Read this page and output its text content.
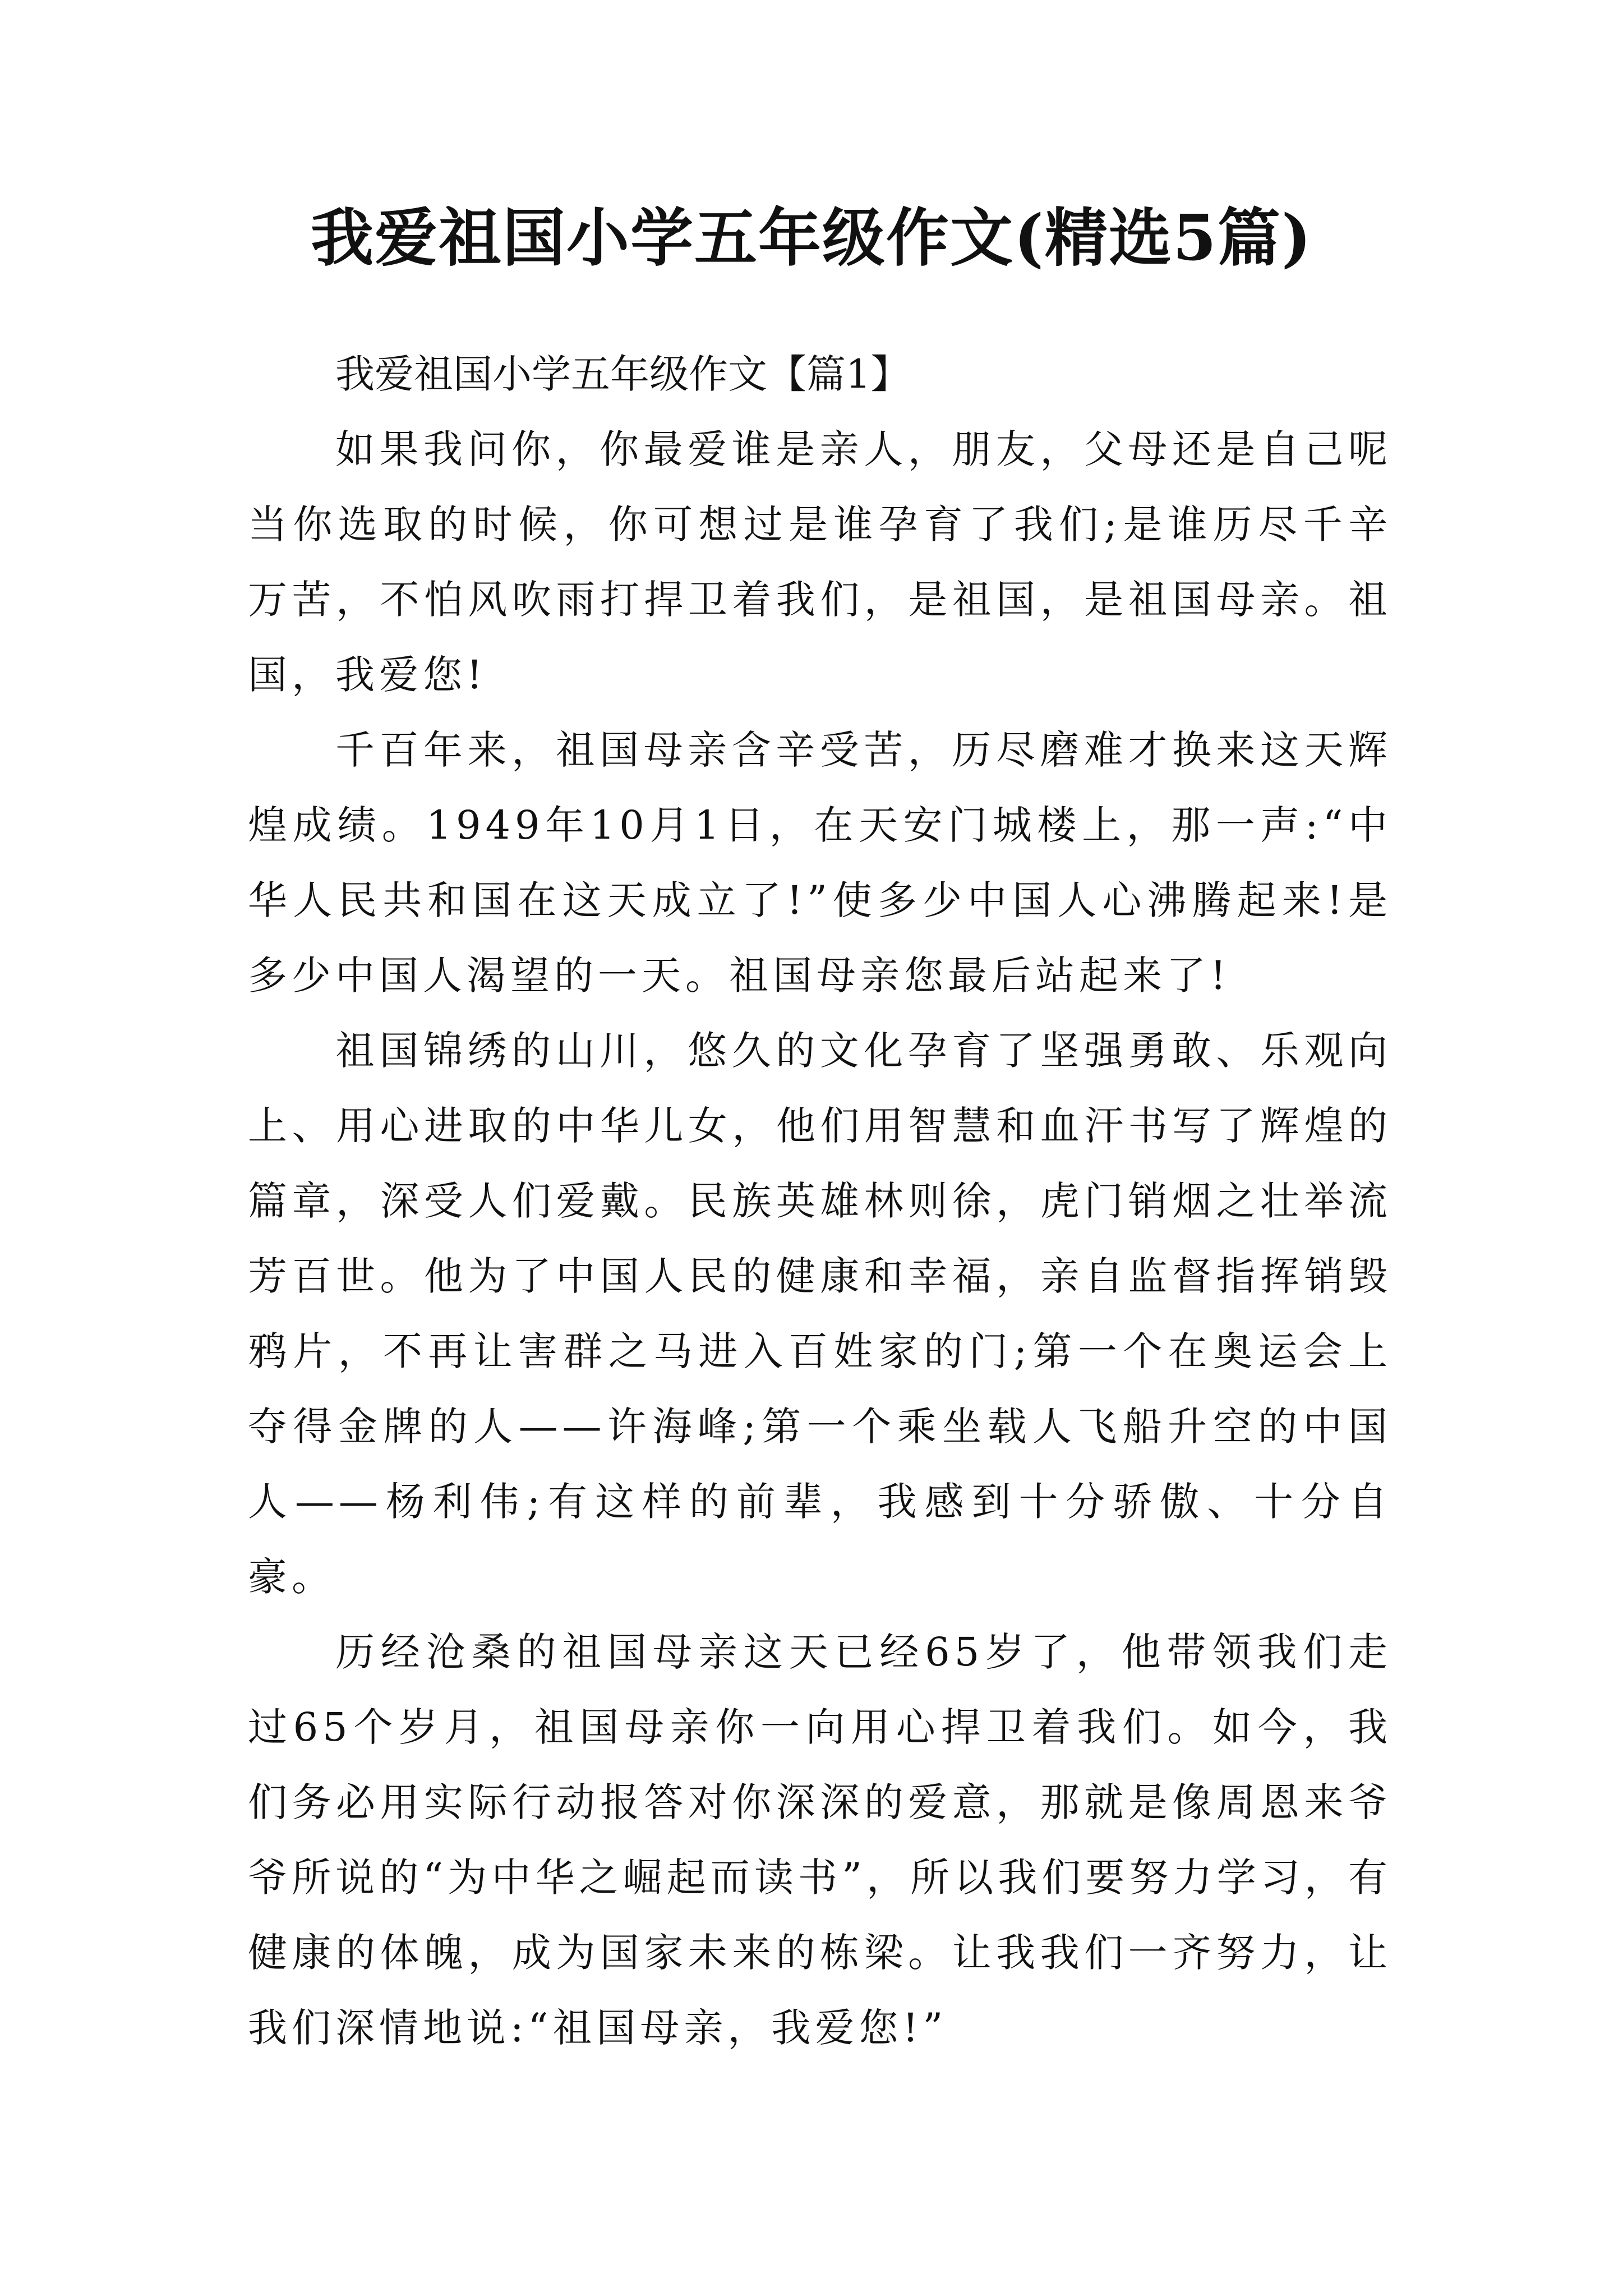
我爱祖国小学五年级作文(精选5篇)

我爱祖国小学五年级作文【篇1】

如果我问你，你最爱谁是亲人，朋友，父母还是自己呢当你选取的时候，你可想过是谁孕育了我们;是谁历尽千辛万苦，不怕风吹雨打捍卫着我们，是祖国，是祖国母亲。祖国，我爱您!

千百年来，祖国母亲含辛受苦，历尽磨难才换来这天辉煌成绩。1949年10月1日，在天安门城楼上，那一声:“中华人民共和国在这天成立了!”使多少中国人心沸腾起来!是多少中国人渴望的一天。祖国母亲您最后站起来了!

祖国锦绣的山川，悠久的文化孕育了坚强勇敢、乐观向上、用心进取的中华儿女，他们用智慧和血汗书写了辉煌的篇章，深受人们爱戴。民族英雄林则徐，虎门销烟之壮举流芳百世。他为了中国人民的健康和幸福，亲自监督指挥销毁鸦片，不再让害群之马进入百姓家的门;第一个在奥运会上夺得金牌的人——许海峰;第一个乘坐载人飞船升空的中国人——杨利伟;有这样的前辈，我感到十分骄傲、十分自豪。

历经沧桑的祖国母亲这天已经65岁了，他带领我们走过65个岁月，祖国母亲你一向用心捍卫着我们。如今，我们务必用实际行动报答对你深深的爱意，那就是像周恩来爷爷所说的“为中华之崛起而读书”，所以我们要努力学习，有健康的体魄，成为国家未来的栋梁。让我我们一齐努力，让我们深情地说:“祖国母亲，我爱您!”
